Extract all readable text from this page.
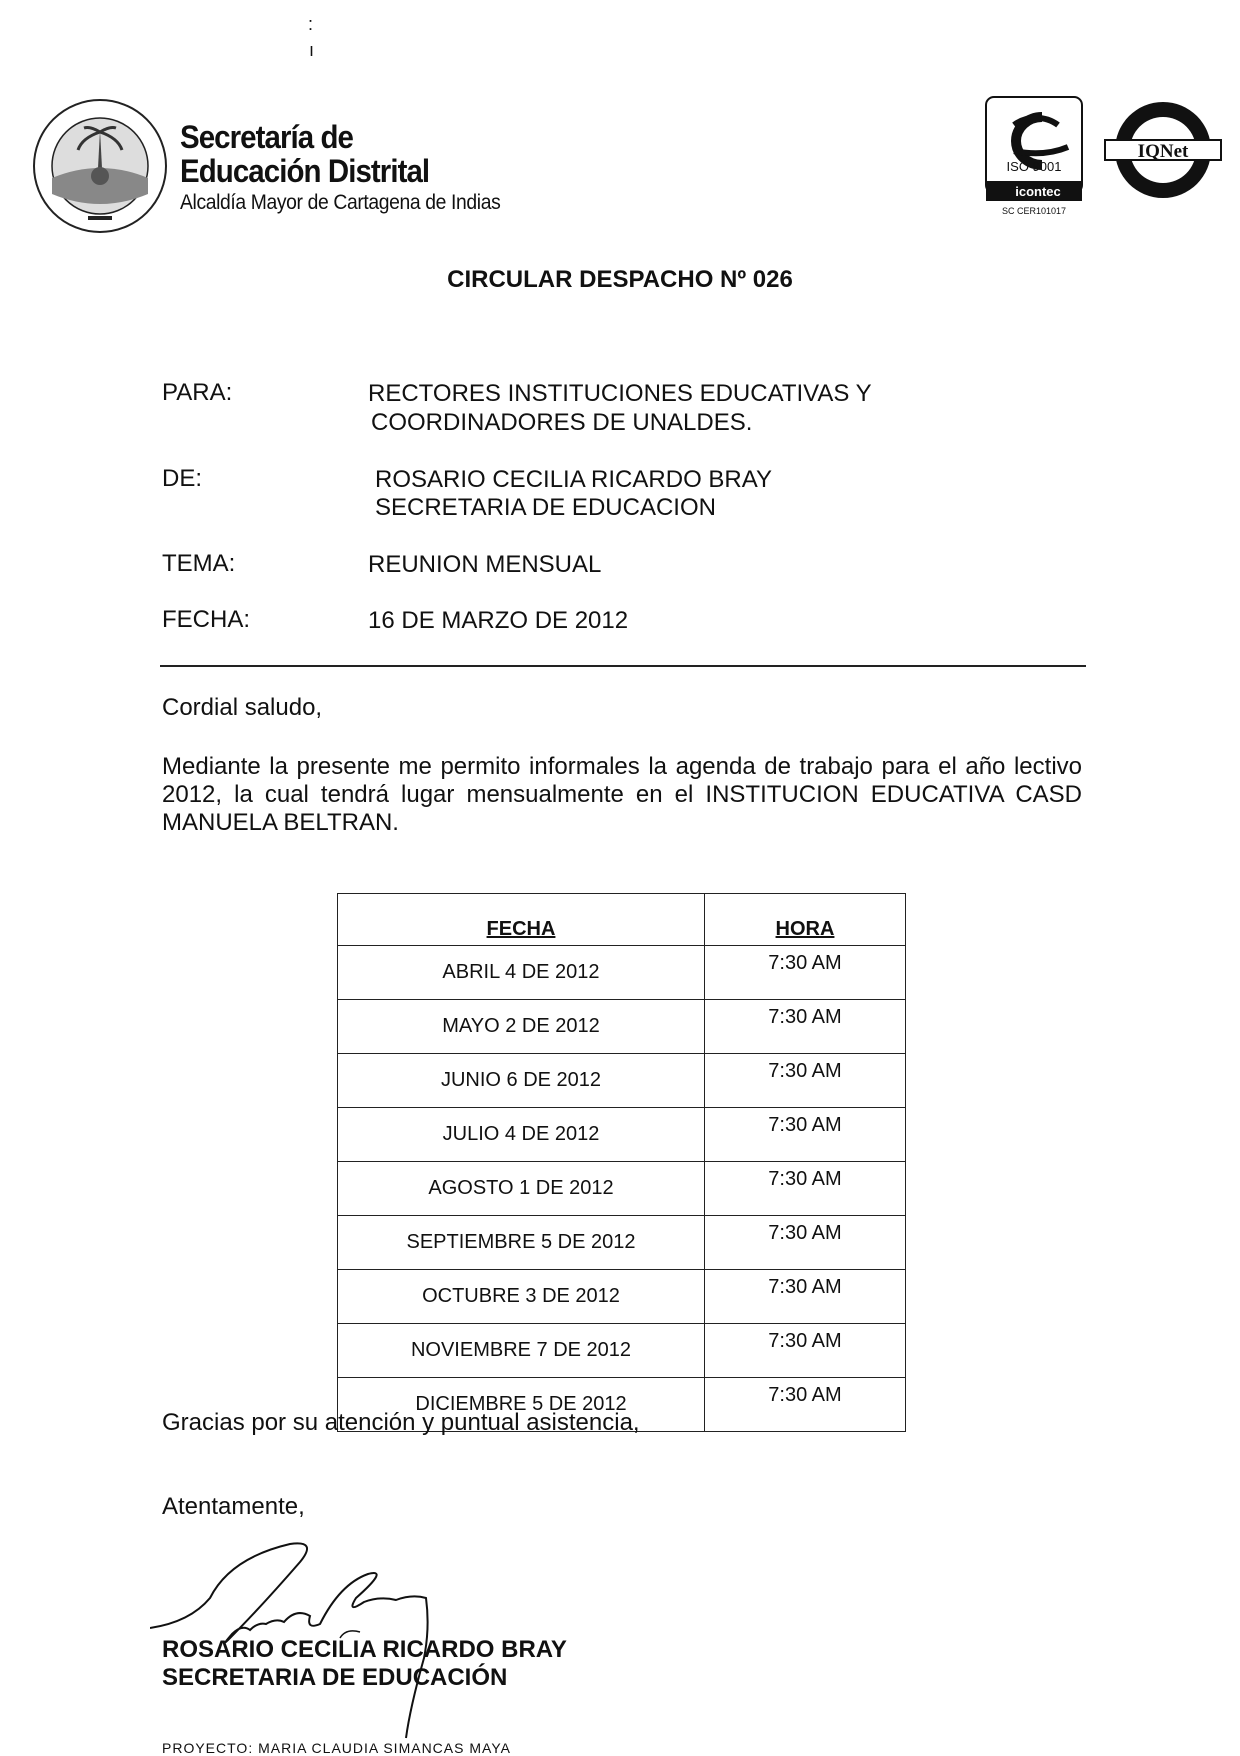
:
ı
Secretaría de
Educación Distrital
Alcaldía Mayor de Cartagena de Indias
ISO 9001
icontec
SC CER101017
IQNet
CIRCULAR DESPACHO Nº 026
PARA:	RECTORES INSTITUCIONES EDUCATIVAS Y
COORDINADORES DE UNALDES.
DE:	ROSARIO CECILIA RICARDO BRAY
SECRETARIA DE EDUCACION
TEMA:	REUNION MENSUAL
FECHA:	16 DE MARZO DE 2012
Cordial saludo,
Mediante la presente me permito informales la agenda de trabajo para el año lectivo 2012, la cual tendrá lugar mensualmente en el INSTITUCION EDUCATIVA CASD MANUELA BELTRAN.
FECHA	HORA
ABRIL 4 DE 2012	7:30 AM
MAYO 2 DE 2012	7:30 AM
JUNIO 6 DE 2012	7:30 AM
JULIO 4 DE 2012	7:30 AM
AGOSTO 1 DE 2012	7:30 AM
SEPTIEMBRE 5 DE 2012	7:30 AM
OCTUBRE 3 DE 2012	7:30 AM
NOVIEMBRE 7 DE 2012	7:30 AM
DICIEMBRE 5 DE 2012	7:30 AM
Gracias por su atención y puntual asistencia,
Atentamente,
ROSARIO CECILIA RICARDO BRAY
SECRETARIA DE EDUCACIÓN
PROYECTO: MARIA CLAUDIA SIMANCAS MAYA
